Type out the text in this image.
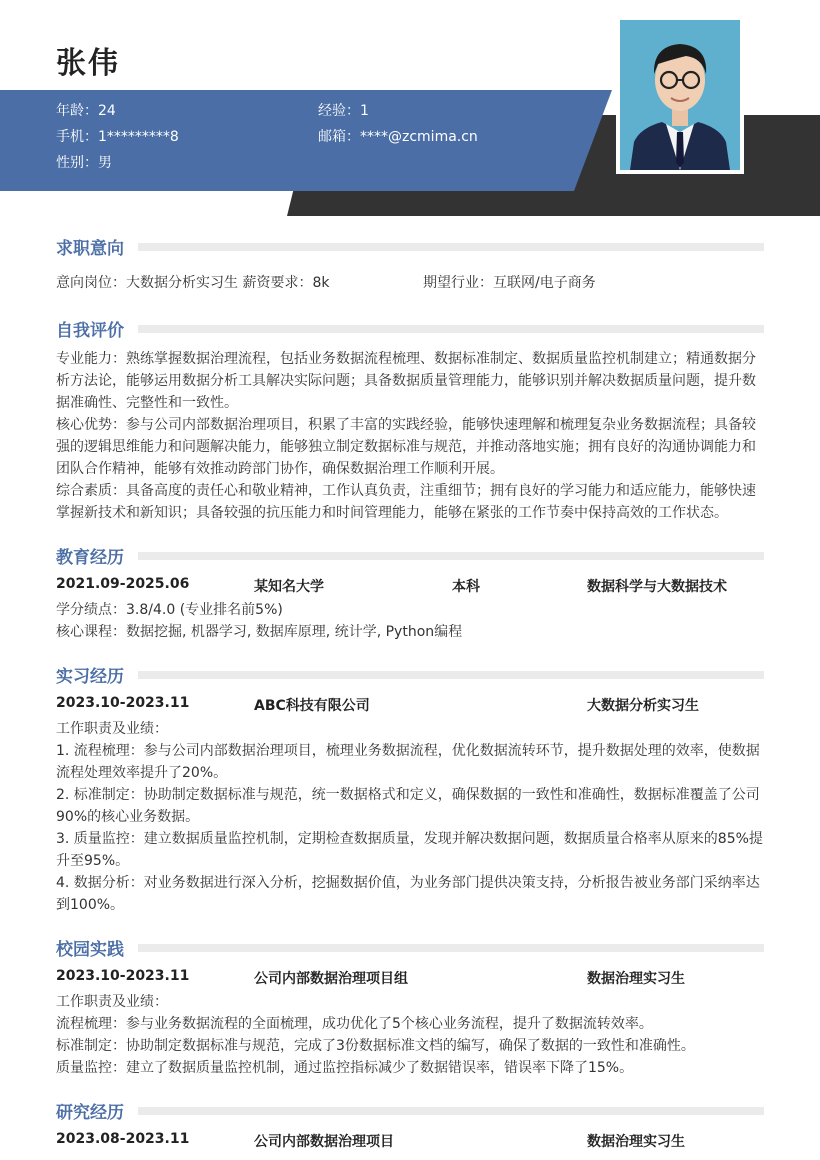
张伟
年龄：24	经验：1
手机：1*********8	邮箱：****@zcmima.cn
性别：男
求职意向
意向岗位：大数据分析实习生 薪资要求：8k	期望行业：互联网/电子商务
自我评价
专业能力：熟练掌握数据治理流程，包括业务数据流程梳理、数据标准制定、数据质量监控机制建立；精通数据分析方法论，能够运用数据分析工具解决实际问题；具备数据质量管理能力，能够识别并解决数据质量问题，提升数据准确性、完整性和一致性。
核心优势：参与公司内部数据治理项目，积累了丰富的实践经验，能够快速理解和梳理复杂业务数据流程；具备较强的逻辑思维能力和问题解决能力，能够独立制定数据标准与规范，并推动落地实施；拥有良好的沟通协调能力和团队合作精神，能够有效推动跨部门协作，确保数据治理工作顺利开展。
综合素质：具备高度的责任心和敬业精神，工作认真负责，注重细节；拥有良好的学习能力和适应能力，能够快速掌握新技术和新知识；具备较强的抗压能力和时间管理能力，能够在紧张的工作节奏中保持高效的工作状态。
教育经历
2021.09-2025.06	某知名大学	本科	数据科学与大数据技术
学分绩点：3.8/4.0 (专业排名前5%)
核心课程：数据挖掘, 机器学习, 数据库原理, 统计学, Python编程
实习经历
2023.10-2023.11	ABC科技有限公司	大数据分析实习生
工作职责及业绩：
1. 流程梳理：参与公司内部数据治理项目，梳理业务数据流程，优化数据流转环节，提升数据处理的效率，使数据流程处理效率提升了20%。
2. 标准制定：协助制定数据标准与规范，统一数据格式和定义，确保数据的一致性和准确性，数据标准覆盖了公司90%的核心业务数据。
3. 质量监控：建立数据质量监控机制，定期检查数据质量，发现并解决数据问题，数据质量合格率从原来的85%提升至95%。
4. 数据分析：对业务数据进行深入分析，挖掘数据价值，为业务部门提供决策支持，分析报告被业务部门采纳率达到100%。
校园实践
2023.10-2023.11	公司内部数据治理项目组	数据治理实习生
工作职责及业绩：
流程梳理：参与业务数据流程的全面梳理，成功优化了5个核心业务流程，提升了数据流转效率。
标准制定：协助制定数据标准与规范，完成了3份数据标准文档的编写，确保了数据的一致性和准确性。
质量监控：建立了数据质量监控机制，通过监控指标减少了数据错误率，错误率下降了15%。
研究经历
2023.08-2023.11	公司内部数据治理项目	数据治理实习生
